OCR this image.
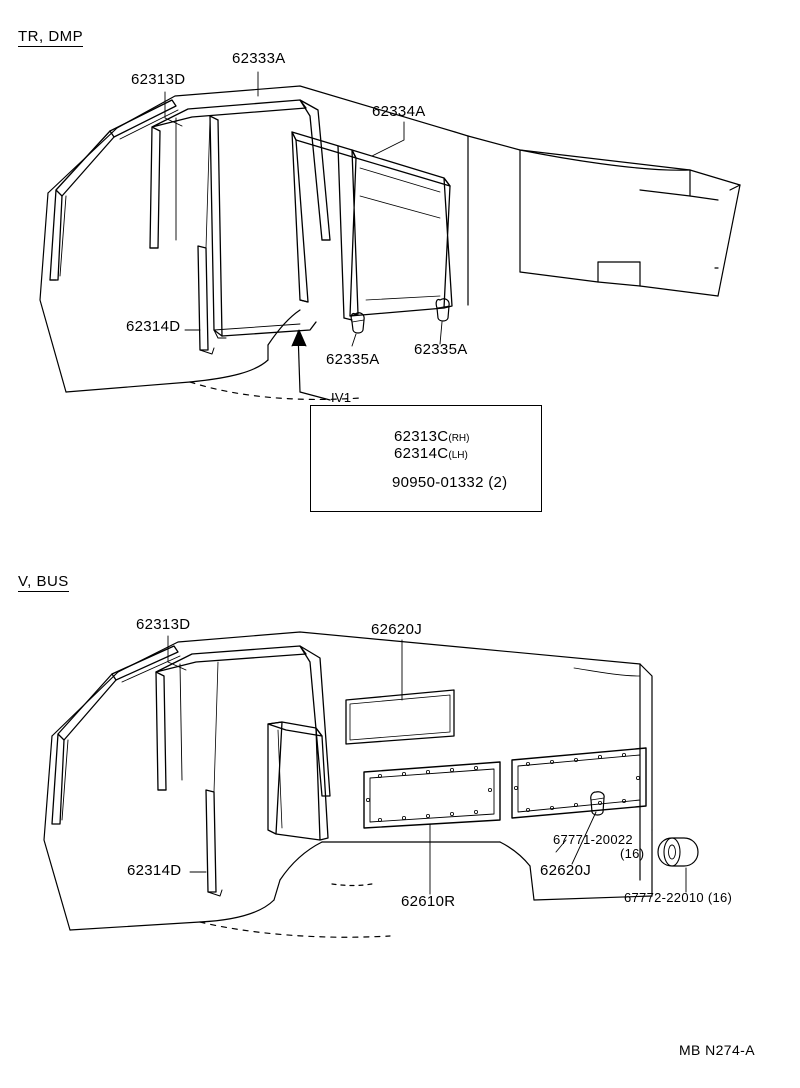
TR, DMP
V, BUS
62313D
62333A
62334A
62314D
62335A
62335A
IV1
62313C(RH)
62314C(LH)
90950-01332 (2)
62313D	62620J
62314D
62610R
62620J
67771-20022
(16)
67772-22010 (16)
MB N274-A
